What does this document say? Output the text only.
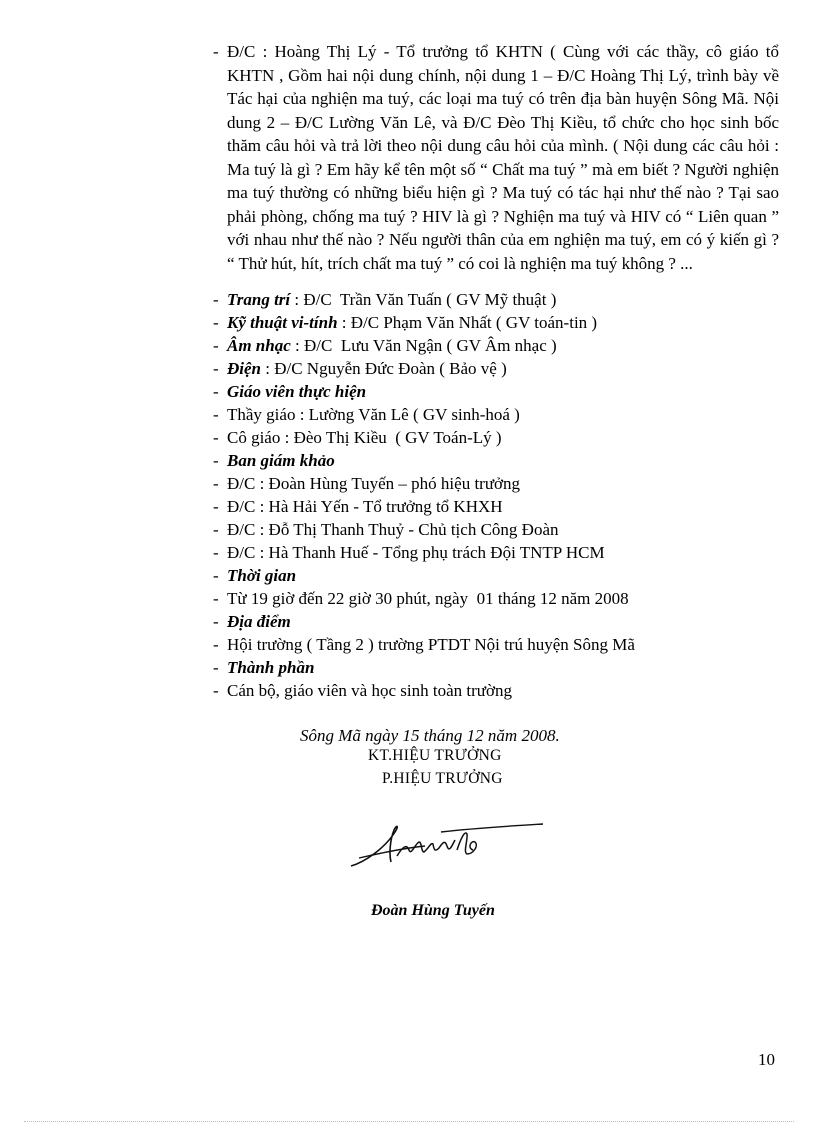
- Đ/C : Hoàng Thị Lý - Tổ trưởng tổ KHTN ( Cùng với các thầy, cô giáo tổ KHTN , Gồm hai nội dung chính, nội dung 1 – Đ/C Hoàng Thị Lý, trình bày về Tác hại của nghiện ma tuý, các loại ma tuý có trên địa bàn huyện Sông Mã. Nội dung 2 – Đ/C Lường Văn Lê, và Đ/C Đèo Thị Kiều, tổ chức cho học sinh bốc thăm câu hỏi và trả lời theo nội dung câu hỏi của mình. ( Nội dung các câu hỏi : Ma tuý là gì ? Em hãy kể tên một số “ Chất ma tuý ” mà em biết ? Người nghiện ma tuý thường có những biểu hiện gì ? Ma tuý có tác hại như thế nào ? Tại sao phải phòng, chống ma tuý ? HIV là gì ? Nghiện ma tuý và HIV có “ Liên quan ” với nhau như thế nào ? Nếu người thân của em nghiện ma tuý, em có ý kiến gì ? “ Thử hút, hít, trích chất ma tuý ” có coi là nghiện ma tuý không ? ...
- Trang trí : Đ/C  Trần Văn Tuấn ( GV Mỹ thuật )
- Kỹ thuật vi-tính : Đ/C Phạm Văn Nhất ( GV toán-tin )
- Âm nhạc : Đ/C  Lưu Văn Ngận ( GV Âm nhạc )
- Điện : Đ/C Nguyễn Đức Đoàn ( Bảo vệ )
- Giáo viên thực hiện
- Thầy giáo : Lường Văn Lê ( GV sinh-hoá )
- Cô giáo : Đèo Thị Kiều  ( GV Toán-Lý )
- Ban giám khảo
- Đ/C : Đoàn Hùng Tuyến – phó hiệu trưởng
- Đ/C : Hà Hải Yến - Tổ trưởng tổ KHXH
- Đ/C : Đỗ Thị Thanh Thuỷ - Chủ tịch Công Đoàn
- Đ/C : Hà Thanh Huế - Tổng phụ trách Đội TNTP HCM
- Thời gian
- Từ 19 giờ đến 22 giờ 30 phút, ngày  01 tháng 12 năm 2008
- Địa điểm
- Hội trường ( Tầng 2 ) trường PTDT Nội trú huyện Sông Mã
- Thành phần
- Cán bộ, giáo viên và học sinh toàn trường
Sông Mã ngày 15 tháng 12 năm 2008.
KT.HIỆU TRƯỞNG
P.HIỆU TRƯỞNG
Đoàn Hùng Tuyến
10
